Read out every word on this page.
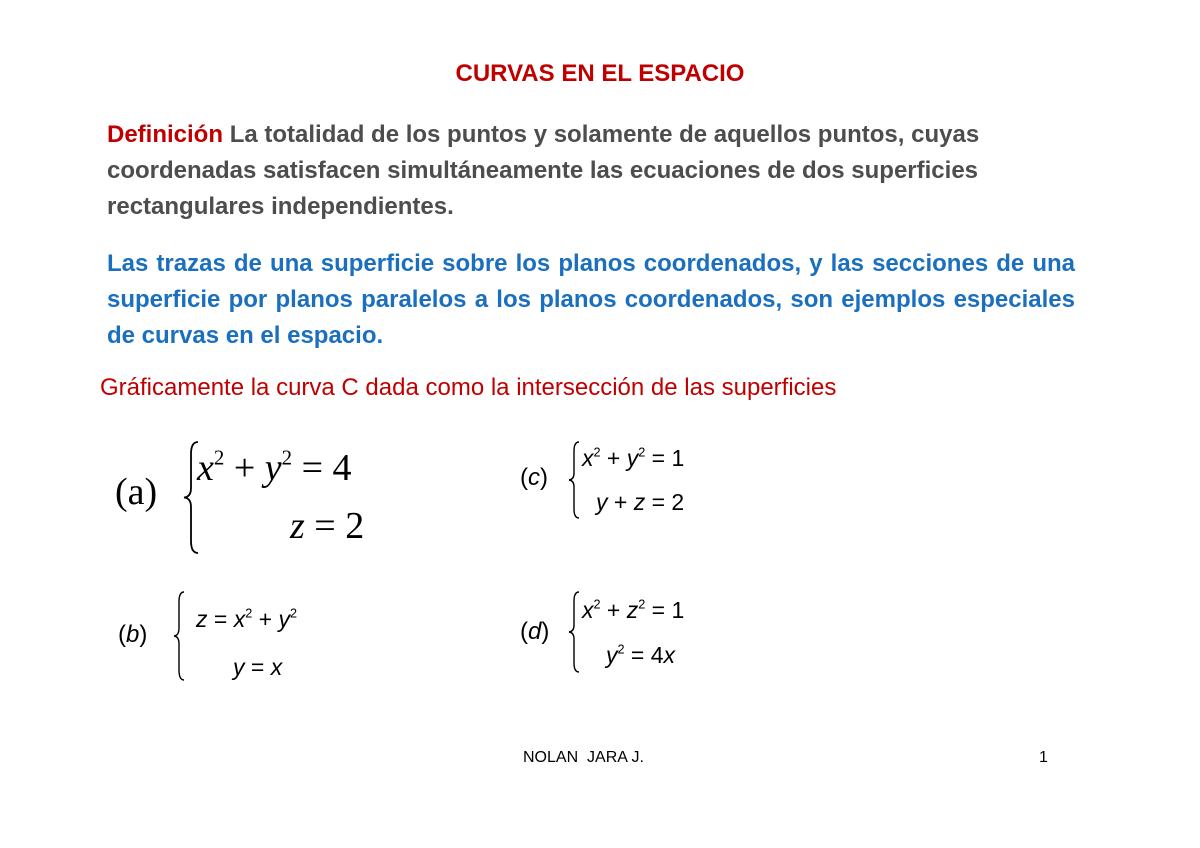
CURVAS EN EL ESPACIO
Definición La totalidad de los puntos y solamente de aquellos puntos, cuyas coordenadas satisfacen simultáneamente las ecuaciones de dos superficies rectangulares independientes.
Las trazas de una superficie sobre los planos coordenados, y las secciones de una superficie por planos paralelos a los planos coordenados, son ejemplos especiales de curvas en el espacio.
Gráficamente la curva C dada como la intersección de las superficies
(a)
$x^2 + y^2 = 4$
z = 2
(c)
$x^2 + y^2 = 1$
y + z = 2
(b)
$z = x^2 + y^2$
y = x
(d)
$x^2 + z^2 = 1$
$y^2 = 4x$
NOLAN  JARA J.	1
